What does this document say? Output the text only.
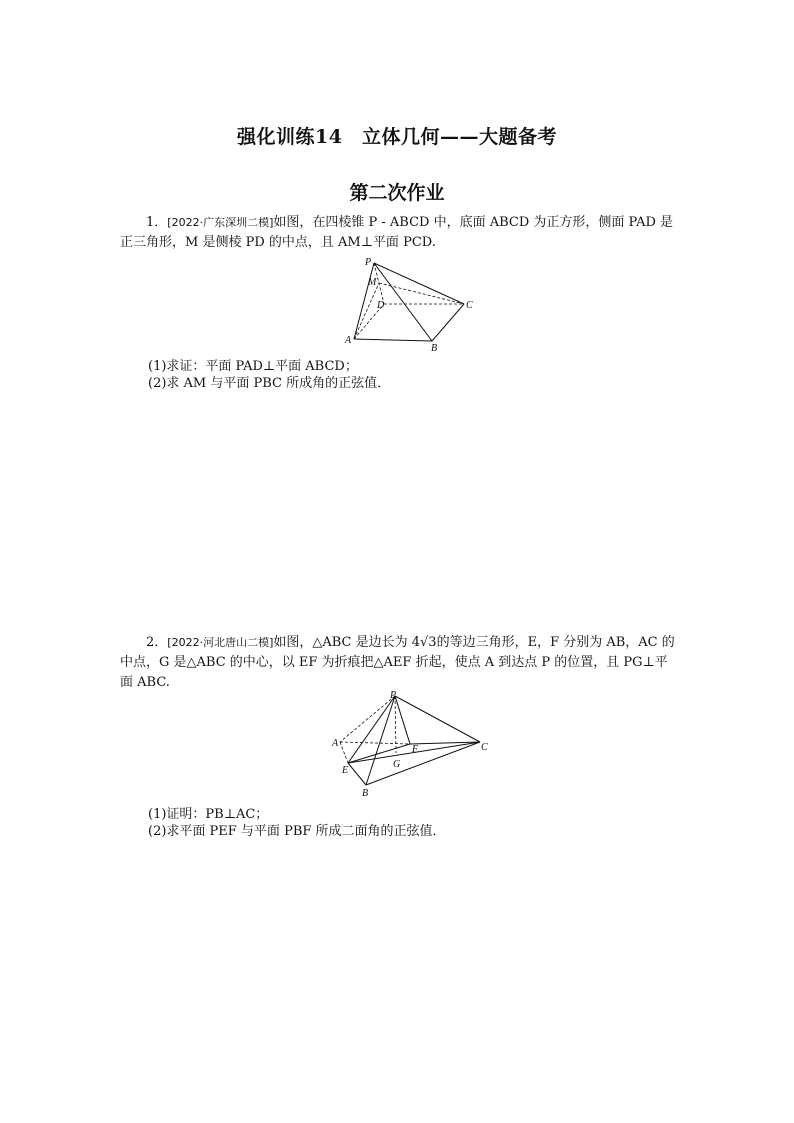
强化训练14　立体几何——大题备考
第二次作业
1．[2022·广东深圳二模]如图，在四棱锥 P - ABCD 中，底面 ABCD 为正方形，侧面 PAD 是正三角形，M 是侧棱 PD 的中点，且 AM⊥平面 PCD.
P
M
D	C
A
B
(1)求证：平面 PAD⊥平面 ABCD；
(2)求 AM 与平面 PBC 所成角的正弦值．
2．[2022·河北唐山二模]如图，△ABC 是边长为 4√3的等边三角形，E，F 分别为 AB，AC 的中点，G 是△ABC 的中心，以 EF 为折痕把△AEF 折起，使点 A 到达点 P 的位置，且 PG⊥平面 ABC.
P
A
F	C
E
G
B
(1)证明：PB⊥AC；
(2)求平面 PEF 与平面 PBF 所成二面角的正弦值．
